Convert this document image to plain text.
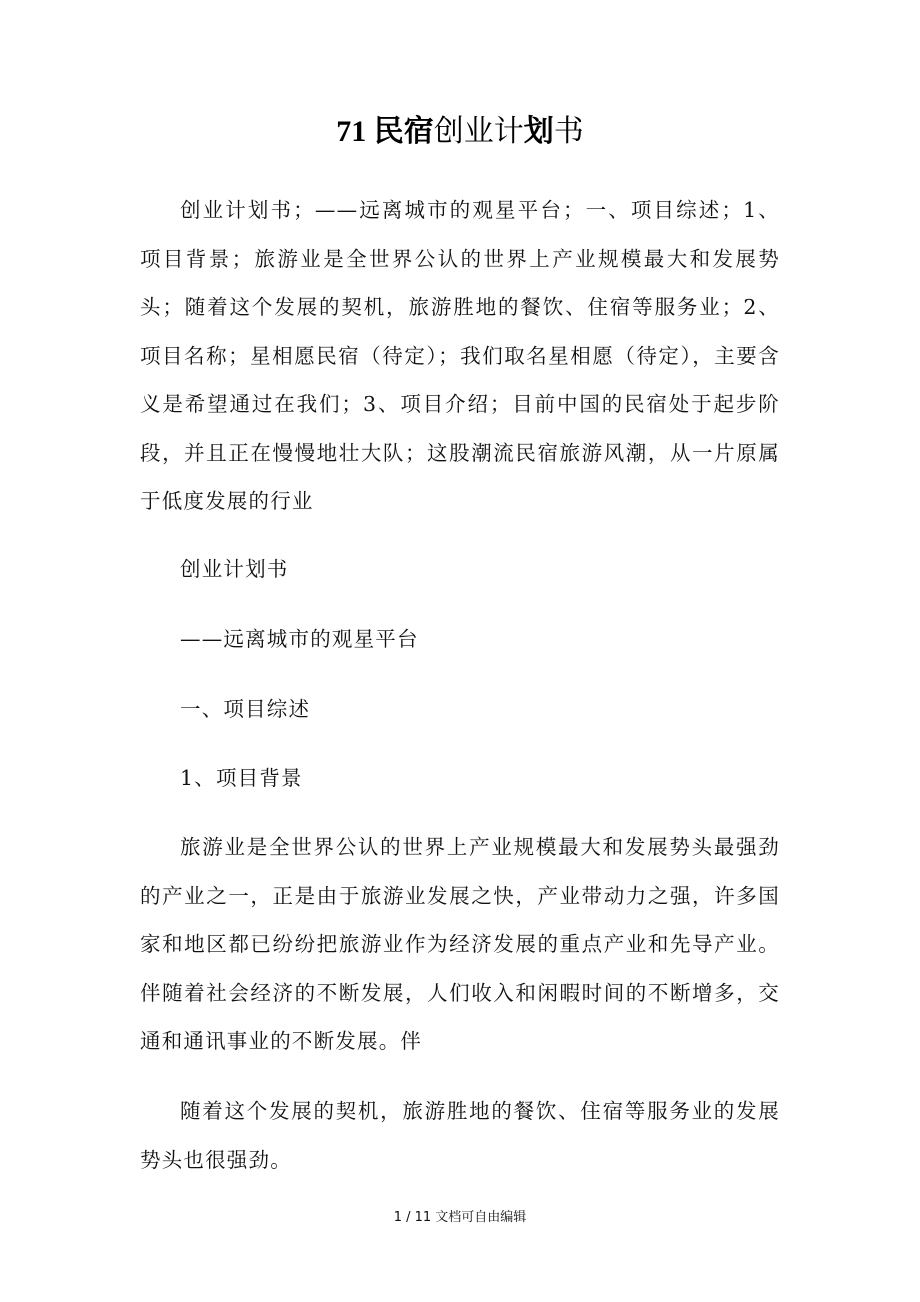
71 民宿创业计划书

创业计划书；——远离城市的观星平台；一、项目综述；1、项目背景；旅游业是全世界公认的世界上产业规模最大和发展势头；随着这个发展的契机，旅游胜地的餐饮、住宿等服务业；2、项目名称；星相愿民宿（待定）；我们取名星相愿（待定），主要含义是希望通过在我们；3、项目介绍；目前中国的民宿处于起步阶段，并且正在慢慢地壮大队；这股潮流民宿旅游风潮，从一片原属于低度发展的行业

创业计划书

——远离城市的观星平台

一、项目综述

1、项目背景

旅游业是全世界公认的世界上产业规模最大和发展势头最强劲的产业之一，正是由于旅游业发展之快，产业带动力之强，许多国家和地区都已纷纷把旅游业作为经济发展的重点产业和先导产业。伴随着社会经济的不断发展，人们收入和闲暇时间的不断增多，交通和通讯事业的不断发展。伴

随着这个发展的契机，旅游胜地的餐饮、住宿等服务业的发展势头也很强劲。

1 / 11 文档可自由编辑
